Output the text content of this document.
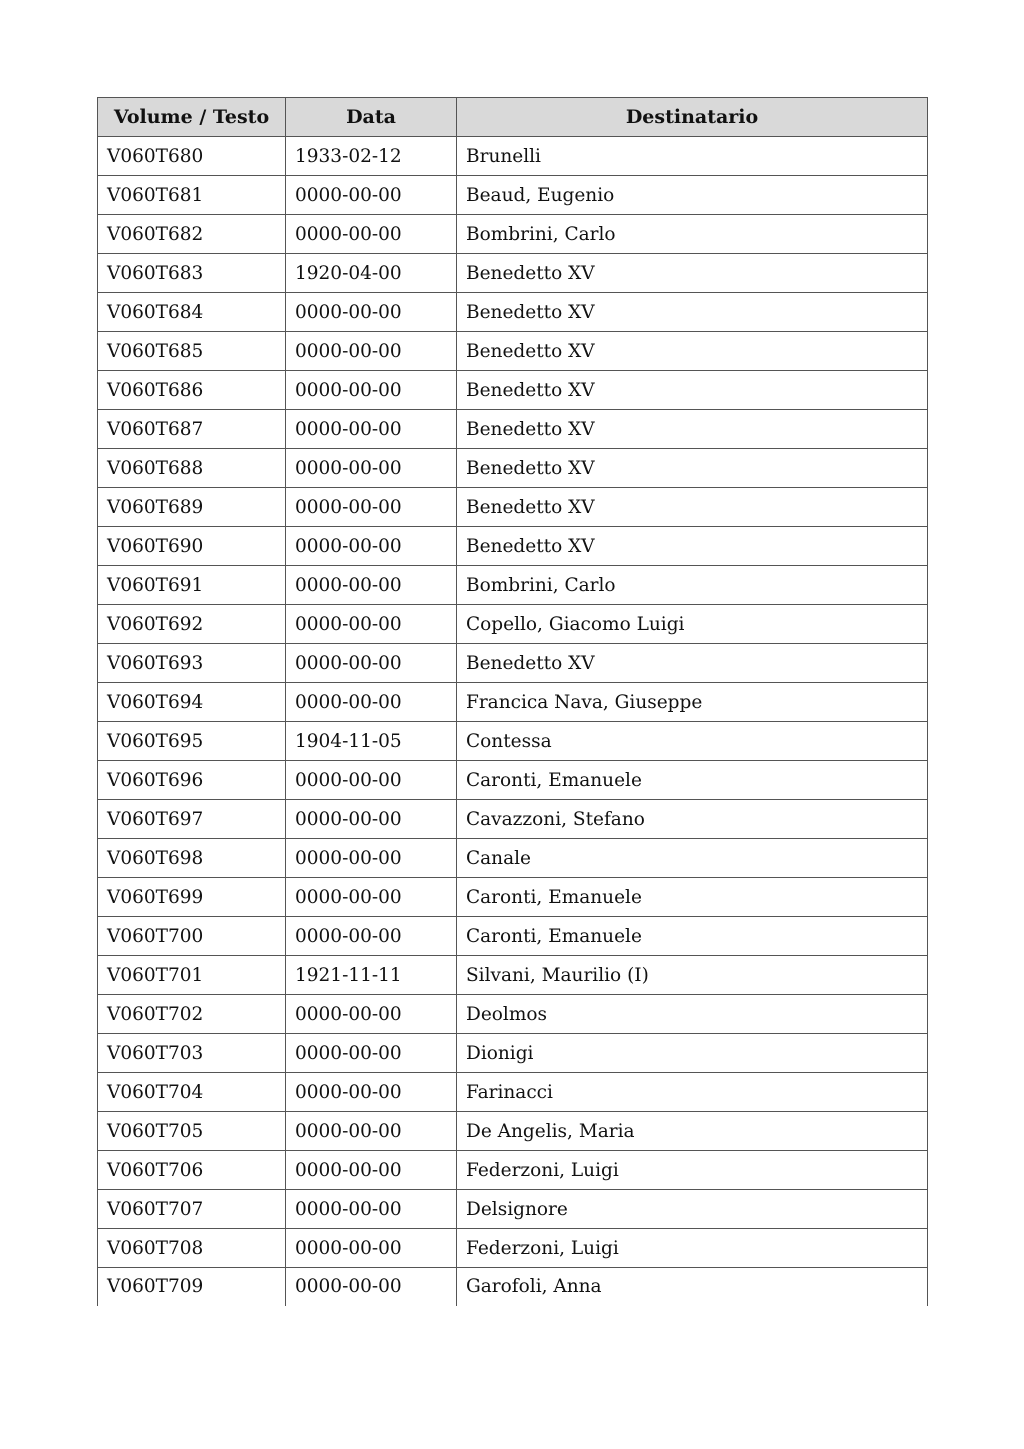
Volume / Testo	Data	Destinatario
V060T680	1933-02-12	Brunelli
V060T681	0000-00-00	Beaud, Eugenio
V060T682	0000-00-00	Bombrini, Carlo
V060T683	1920-04-00	Benedetto XV
V060T684	0000-00-00	Benedetto XV
V060T685	0000-00-00	Benedetto XV
V060T686	0000-00-00	Benedetto XV
V060T687	0000-00-00	Benedetto XV
V060T688	0000-00-00	Benedetto XV
V060T689	0000-00-00	Benedetto XV
V060T690	0000-00-00	Benedetto XV
V060T691	0000-00-00	Bombrini, Carlo
V060T692	0000-00-00	Copello, Giacomo Luigi
V060T693	0000-00-00	Benedetto XV
V060T694	0000-00-00	Francica Nava, Giuseppe
V060T695	1904-11-05	Contessa
V060T696	0000-00-00	Caronti, Emanuele
V060T697	0000-00-00	Cavazzoni, Stefano
V060T698	0000-00-00	Canale
V060T699	0000-00-00	Caronti, Emanuele
V060T700	0000-00-00	Caronti, Emanuele
V060T701	1921-11-11	Silvani, Maurilio (I)
V060T702	0000-00-00	Deolmos
V060T703	0000-00-00	Dionigi
V060T704	0000-00-00	Farinacci
V060T705	0000-00-00	De Angelis, Maria
V060T706	0000-00-00	Federzoni, Luigi
V060T707	0000-00-00	Delsignore
V060T708	0000-00-00	Federzoni, Luigi
V060T709	0000-00-00	Garofoli, Anna
